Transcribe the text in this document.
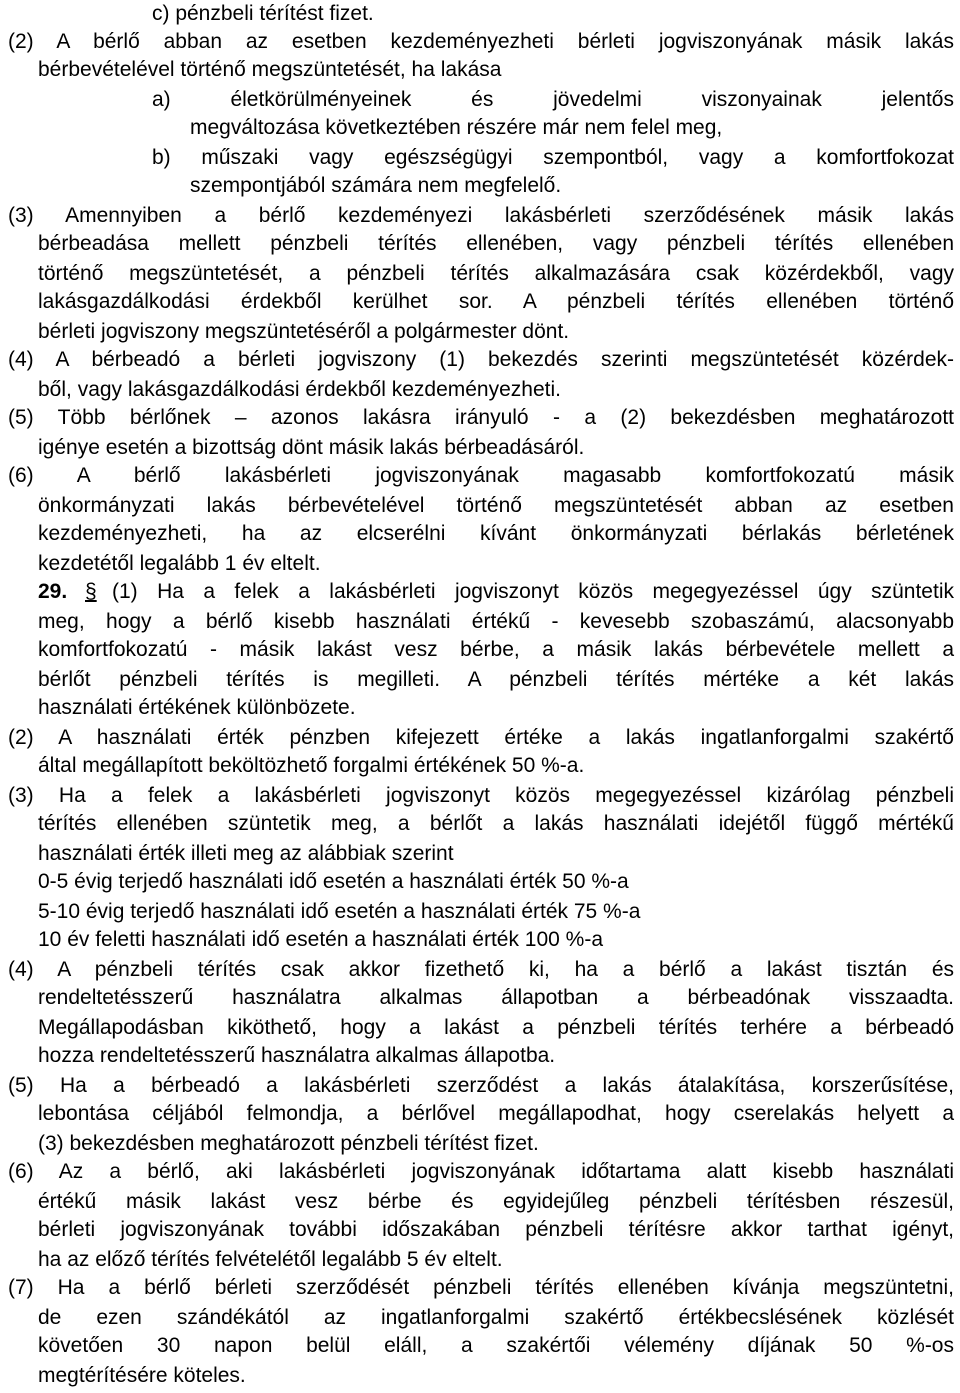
c) pénzbeli térítést fizet.
(2) A bérlő abban az esetben kezdeményezheti bérleti jogviszonyának másik lakás
bérbevételével történő megszüntetését, ha lakása
a) életkörülményeinek és jövedelmi viszonyainak jelentős
megváltozása következtében részére már nem felel meg,
b) műszaki vagy egészségügyi szempontból, vagy a komfortfokozat
szempontjából számára nem megfelelő.
(3) Amennyiben a bérlő kezdeményezi lakásbérleti szerződésének másik lakás
bérbeadása mellett pénzbeli térítés ellenében, vagy pénzbeli térítés ellenében
történő megszüntetését, a pénzbeli térítés alkalmazására csak közérdekből, vagy
lakásgazdálkodási érdekből kerülhet sor. A pénzbeli térítés ellenében történő
bérleti jogviszony megszüntetéséről a polgármester dönt.
(4) A bérbeadó a bérleti jogviszony (1) bekezdés szerinti megszüntetését közérdek-
ből, vagy lakásgazdálkodási érdekből kezdeményezheti.
(5) Több bérlőnek – azonos lakásra irányuló - a (2) bekezdésben meghatározott
igénye esetén a bizottság dönt másik lakás bérbeadásáról.
(6) A bérlő lakásbérleti jogviszonyának magasabb komfortfokozatú másik
önkormányzati lakás bérbevételével történő megszüntetését abban az esetben
kezdeményezheti, ha az elcserélni kívánt önkormányzati bérlakás bérletének
kezdetétől legalább 1 év eltelt.
29. § (1) Ha a felek a lakásbérleti jogviszonyt közös megegyezéssel úgy szüntetik
meg, hogy a bérlő kisebb használati értékű - kevesebb szobaszámú, alacsonyabb
komfortfokozatú - másik lakást vesz bérbe, a másik lakás bérbevétele mellett a
bérlőt pénzbeli térítés is megilleti. A pénzbeli térítés mértéke a két lakás
használati értékének különbözete.
(2) A használati érték pénzben kifejezett értéke a lakás ingatlanforgalmi szakértő
által megállapított beköltözhető forgalmi értékének 50 %-a.
(3) Ha a felek a lakásbérleti jogviszonyt közös megegyezéssel kizárólag pénzbeli
térítés ellenében szüntetik meg, a bérlőt a lakás használati idejétől függő mértékű
használati érték illeti meg az alábbiak szerint
0-5 évig terjedő használati idő esetén a használati érték 50 %-a
5-10 évig terjedő használati idő esetén a használati érték 75 %-a
10 év feletti használati idő esetén a használati érték 100 %-a
(4) A pénzbeli térítés csak akkor fizethető ki, ha a bérlő a lakást tisztán és
rendeltetésszerű használatra alkalmas állapotban a bérbeadónak visszaadta.
Megállapodásban kiköthető, hogy a lakást a pénzbeli térítés terhére a bérbeadó
hozza rendeltetésszerű használatra alkalmas állapotba.
(5) Ha a bérbeadó a lakásbérleti szerződést a lakás átalakítása, korszerűsítése,
lebontása céljából felmondja, a bérlővel megállapodhat, hogy cserelakás helyett a
(3) bekezdésben meghatározott pénzbeli térítést fizet.
(6) Az a bérlő, aki lakásbérleti jogviszonyának időtartama alatt kisebb használati
értékű másik lakást vesz bérbe és egyidejűleg pénzbeli térítésben részesül,
bérleti jogviszonyának további időszakában pénzbeli térítésre akkor tarthat igényt,
ha az előző térítés felvételétől legalább 5 év eltelt.
(7) Ha a bérlő bérleti szerződését pénzbeli térítés ellenében kívánja megszüntetni,
de ezen szándékától az ingatlanforgalmi szakértő értékbecslésének közlését
követően 30 napon belül eláll, a szakértői vélemény díjának 50 %-os
megtérítésére köteles.
